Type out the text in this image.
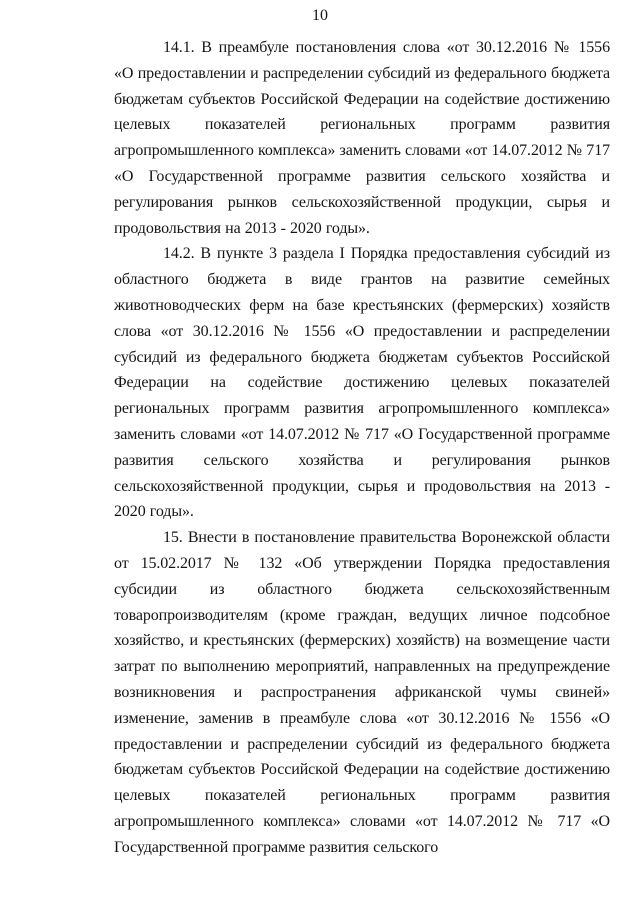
10

14.1. В преамбуле постановления слова «от 30.12.2016 № 1556 «О предоставлении и распределении субсидий из федерального бюджета бюджетам субъектов Российской Федерации на содействие достижению целевых показателей региональных программ развития агропромышленного комплекса» заменить словами «от 14.07.2012 № 717 «О Государственной программе развития сельского хозяйства и регулирования рынков сельскохозяйственной продукции, сырья и продовольствия на 2013 - 2020 годы».

14.2. В пункте 3 раздела I Порядка предоставления субсидий из областного бюджета в виде грантов на развитие семейных животноводческих ферм на базе крестьянских (фермерских) хозяйств слова «от 30.12.2016 № 1556 «О предоставлении и распределении субсидий из федерального бюджета бюджетам субъектов Российской Федерации на содействие достижению целевых показателей региональных программ развития агропромышленного комплекса» заменить словами «от 14.07.2012 № 717 «О Государственной программе развития сельского хозяйства и регулирования рынков сельскохозяйственной продукции, сырья и продовольствия на 2013 - 2020 годы».

15. Внести в постановление правительства Воронежской области от 15.02.2017 № 132 «Об утверждении Порядка предоставления субсидии из областного бюджета сельскохозяйственным товаропроизводителям (кроме граждан, ведущих личное подсобное хозяйство, и крестьянских (фермерских) хозяйств) на возмещение части затрат по выполнению мероприятий, направленных на предупреждение возникновения и распространения африканской чумы свиней» изменение, заменив в преамбуле слова «от 30.12.2016 № 1556 «О предоставлении и распределении субсидий из федерального бюджета бюджетам субъектов Российской Федерации на содействие достижению целевых показателей региональных программ развития агропромышленного комплекса» словами «от 14.07.2012 № 717 «О Государственной программе развития сельского
